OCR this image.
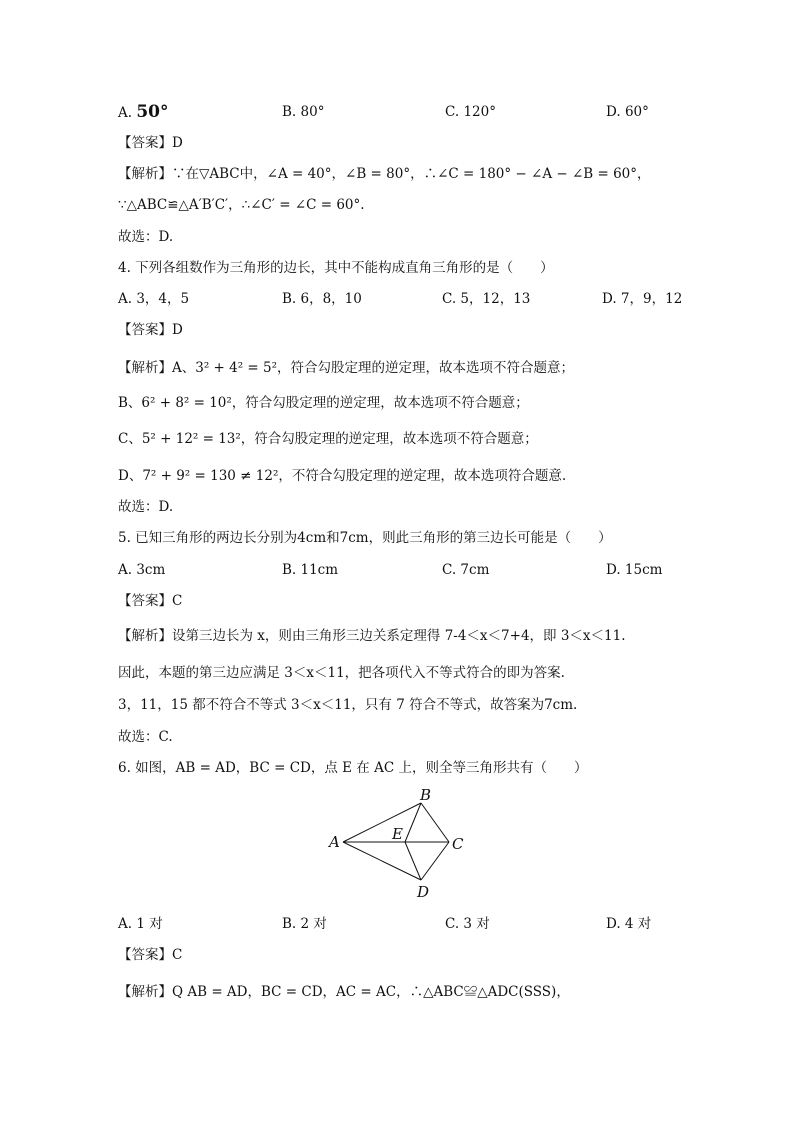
A. 50°	B. 80°	C. 120°	D. 60°
【答案】D
【解析】∵在▽ABC中，∠A = 40°，∠B = 80°，∴∠C = 180° − ∠A − ∠B = 60°，
∵△ABC≌△A′B′C′，∴∠C′ = ∠C = 60°.
故选：D.
4. 下列各组数作为三角形的边长，其中不能构成直角三角形的是（　　）
A. 3，4，5	B. 6，8，10	C. 5，12，13	D. 7，9，12
【答案】D
【解析】A、3² + 4² = 5²，符合勾股定理的逆定理，故本选项不符合题意；
B、6² + 8² = 10²，符合勾股定理的逆定理，故本选项不符合题意；
C、5² + 12² = 13²，符合勾股定理的逆定理，故本选项不符合题意；
D、7² + 9² = 130 ≠ 12²，不符合勾股定理的逆定理，故本选项符合题意.
故选：D.
5. 已知三角形的两边长分别为4cm和7cm，则此三角形的第三边长可能是（　　）
A. 3cm	B. 11cm	C. 7cm	D. 15cm
【答案】C
【解析】设第三边长为 x，则由三角形三边关系定理得 7-4＜x＜7+4，即 3＜x＜11.
因此，本题的第三边应满足 3＜x＜11，把各项代入不等式符合的即为答案.
3，11，15 都不符合不等式 3＜x＜11，只有 7 符合不等式，故答案为7cm.
故选：C.
6. 如图，AB = AD，BC = CD，点 E 在 AC 上，则全等三角形共有（　　）
A
B
C
D
E
A. 1 对	B. 2 对	C. 3 对	D. 4 对
【答案】C
【解析】Q AB = AD，BC = CD，AC = AC，∴△ABC≌△ADC(SSS)，
